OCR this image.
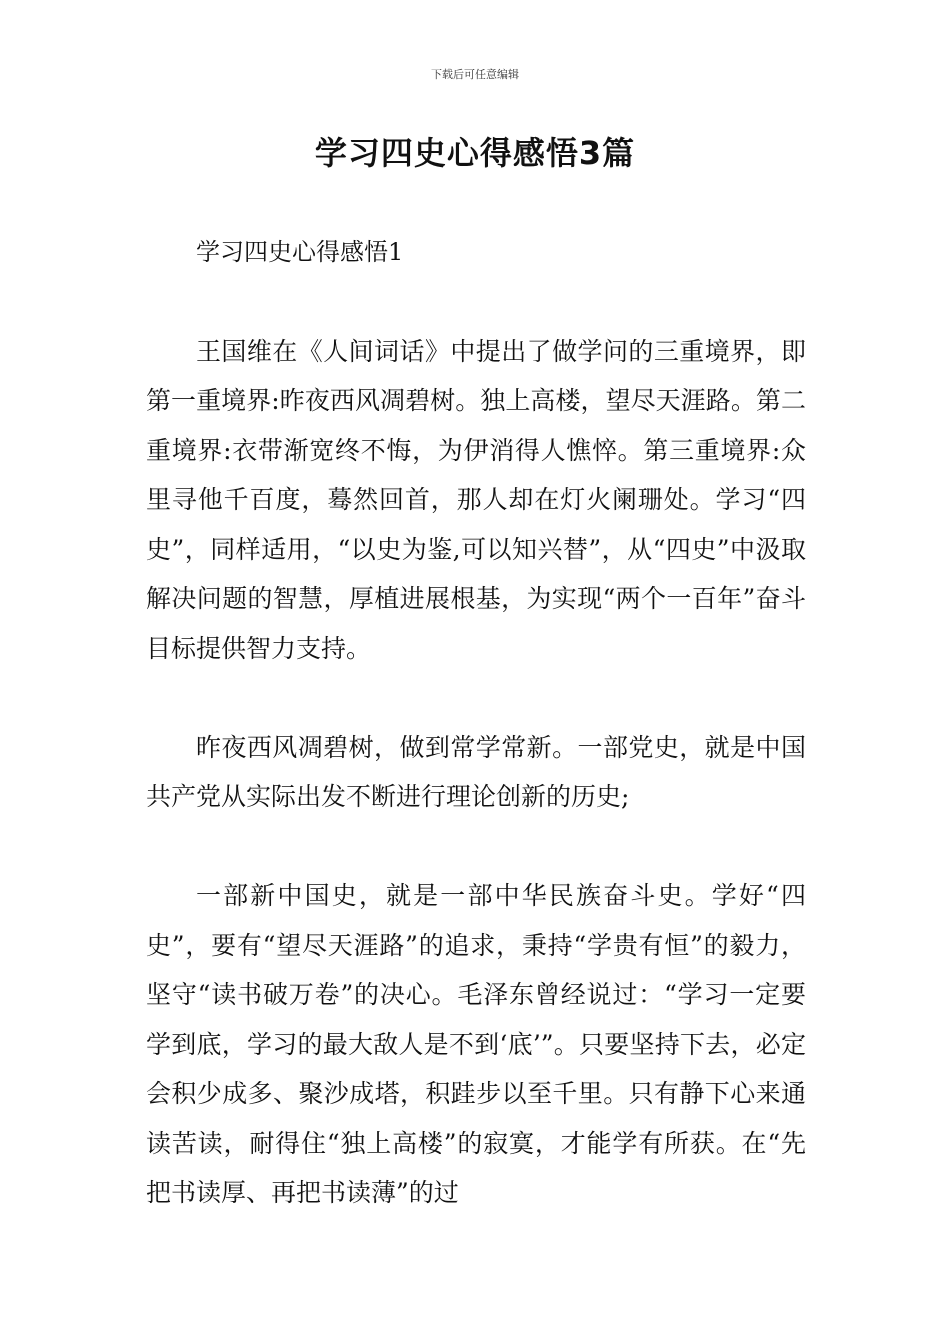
下载后可任意编辑
学习四史心得感悟3篇

学习四史心得感悟1

王国维在《人间词话》中提出了做学问的三重境界，即第一重境界:昨夜西风凋碧树。独上高楼，望尽天涯路。第二重境界:衣带渐宽终不悔，为伊消得人憔悴。第三重境界:众里寻他千百度，蓦然回首，那人却在灯火阑珊处。学习“四史”，同样适用，“以史为鉴,可以知兴替”，从“四史”中汲取解决问题的智慧，厚植进展根基，为实现“两个一百年”奋斗目标提供智力支持。

昨夜西风凋碧树，做到常学常新。一部党史，就是中国共产党从实际出发不断进行理论创新的历史;

一部新中国史，就是一部中华民族奋斗史。学好“四史”，要有“望尽天涯路”的追求，秉持“学贵有恒”的毅力，坚守“读书破万卷”的决心。毛泽东曾经说过：“学习一定要学到底，学习的最大敌人是不到‘底’”。只要坚持下去，必定会积少成多、聚沙成塔，积跬步以至千里。只有静下心来通读苦读，耐得住“独上高楼”的寂寞，才能学有所获。在“先把书读厚、再把书读薄”的过
